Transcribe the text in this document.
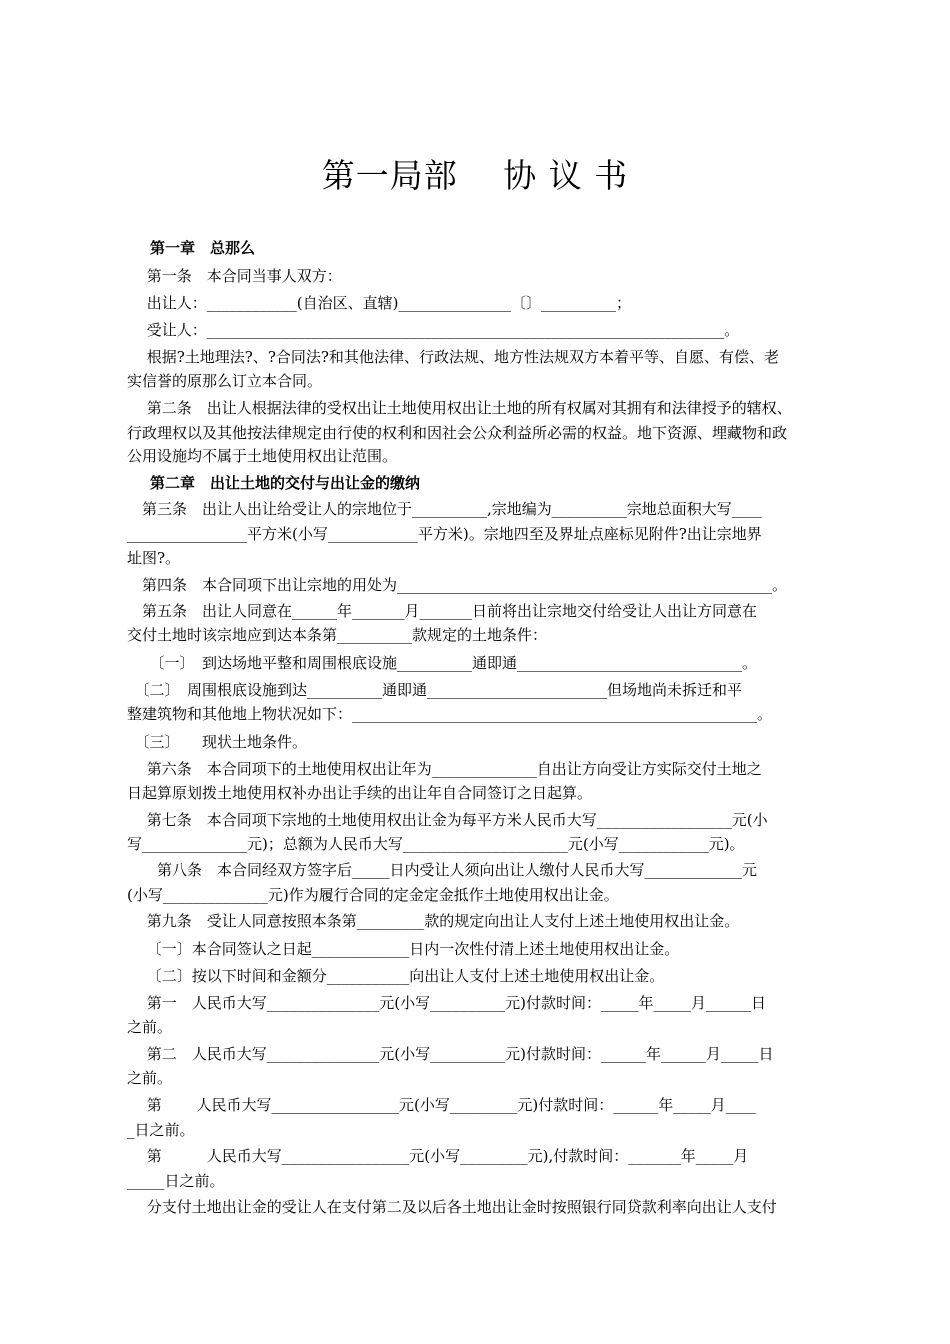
第一局部　 协 议 书
第一章　总那么
　 第一条　本合同当事人双方：
　 出让人：____________(自治区、直辖)_______________〔〕__________；
　 受让人：_____________________________________________________________________。
　 根据?土地理法?、?合同法?和其他法律、行政法规、地方性法规双方本着平等、自愿、有偿、老
实信誉的原那么订立本合同。
　 第二条　出让人根据法律的受权出让土地使用权出让土地的所有权属对其拥有和法律授予的辖权、
行政理权以及其他按法律规定由行使的权利和因社会公众利益所必需的权益。地下资源、埋藏物和政
公用设施均不属于土地使用权出让范围。
第二章　出让土地的交付与出让金的缴纳
　第三条　出让人出让给受让人的宗地位于__________,宗地编为__________宗地总面积大写____
________________平方米(小写____________平方米)。宗地四至及界址点座标见附件?出让宗地界
址图?。
　第四条　本合同项下出让宗地的用处为__________________________________________________。
　第五条　出让人同意在______年_______月_______日前将出让宗地交付给受让人出让方同意在
交付土地时该宗地应到达本条第__________款规定的土地条件：
　　〔一〕　到达场地平整和周围根底设施__________通即通______________________________。
　〔二〕　周围根底设施到达__________通即通________________________但场地尚未拆迁和平
整建筑物和其他地上物状况如下：______________________________________________________。
　〔三〕　　现状土地条件。
　 第六条　本合同项下的土地使用权出让年为______________自出让方向受让方实际交付土地之
日起算原划拨土地使用权补办出让手续的出让年自合同签订之日起算。
　 第七条　本合同项下宗地的土地使用权出让金为每平方米人民币大写__________________元(小
写______________元)；总额为人民币大写______________________元(小写____________元)。
　　第八条　本合同经双方签字后_____日内受让人须向出让人缴付人民币大写_____________元
(小写______________元)作为履行合同的定金定金抵作土地使用权出让金。
　 第九条　受让人同意按照本条第_________款的规定向出让人支付上述土地使用权出让金。
　 〔一〕本合同签认之日起_____________日内一次性付清上述土地使用权出让金。
　 〔二〕按以下时间和金额分___________向出让人支付上述土地使用权出让金。
　 第一　人民币大写_______________元(小写__________元)付款时间：_____年_____月______日
之前。
　 第二　人民币大写_______________元(小写__________元)付款时间：______年______月_____日
之前。
　 第　　 人民币大写_________________元(小写_________元)付款时间：______年_____月____
_日之前。
　 第　　　人民币大写_________________元(小写_________元),付款时间：_______年_____月
_____日之前。
　 分支付土地出让金的受让人在支付第二及以后各土地出让金时按照银行同贷款利率向出让人支付
